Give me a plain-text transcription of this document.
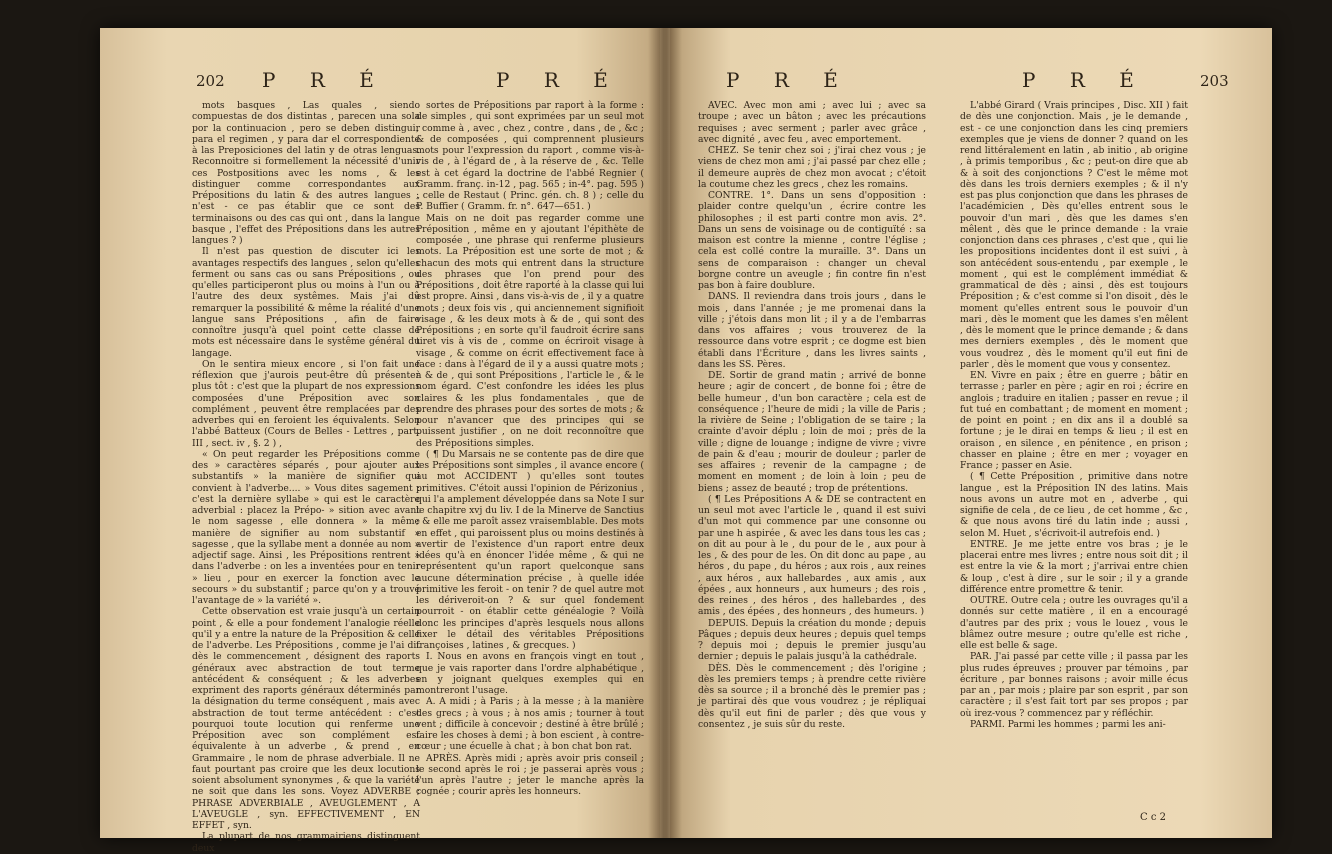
202 P R É	P R É

mots basques , Las quales , siendo compuestas de dos distintas , parecen una sola por la continuacion , pero se deben distinguir para el regimen , y para dar el correspondiente à las Preposiciones del latin y de otras lenguas. Reconnoitre si formellement la nécessité d'unir ces Postpositions avec les noms , & les distinguer comme correspondantes aux Prépositions du latin & des autres langues , n'est - ce pas établir que ce sont des terminaisons ou des cas qui ont , dans la langue basque , l'effet des Prépositions dans les autres langues ? )

Il n'est pas question de discuter ici les avantages respectifs des langues , selon qu'elles ferment ou sans cas ou sans Prépositions , ou qu'elles participeront plus ou moins à l'un ou à l'autre des deux systêmes. Mais j'ai dû remarquer la possibilité & même la réalité d'une langue sans Prépositions , afin de faire connoître jusqu'à quel point cette classe de mots est nécessaire dans le systême général du langage.

On le sentira mieux encore , si l'on fait une réflexion que j'aurois peut-être dû présenter plus tôt : c'est que la plupart de nos expressions composées d'une Préposition avec son complément , peuvent être remplacées par des adverbes qui en feroient les équivalents. Selon l'abbé Batteux (Cours de Belles - Lettres , part. III , sect. iv , §. 2 ) ,

« On peut regarder les Prépositions comme des » caractères séparés , pour ajouter aux substantifs » la manière de signifier qui convient à l'adverbe.... » Vous dites sagement : c'est la dernière syllabe » qui est le caractère adverbial : placez la Prépo- » sition avec avant le nom sagesse , elle donnera » la même manière de signifier au nom substantif » sagesse , que la syllabe ment a donnée au nom » adjectif sage. Ainsi , les Prépositions rentrent » dans l'adverbe : on les a inventées pour en tenir » lieu , pour en exercer la fonction avec le secours » du substantif ; parce qu'on y a trouvé l'avantage de » la variété ».

Cette observation est vraie jusqu'à un certain point , & elle a pour fondement l'analogie réelle qu'il y a entre la nature de la Préposition & celle de l'adverbe. Les Prépositions , comme je l'ai dit dès le commencement , désignent des raports généraux avec abstraction de tout terme antécédent & conséquent ; & les adverbes expriment des raports généraux déterminés par la désignation du terme conséquent , mais avec abstraction de tout terme antécédent : c'est pourquoi toute locution qui renferme une Préposition avec son complément est équivalente à un adverbe , & prend , en Grammaire , le nom de phrase adverbiale. Il ne faut pourtant pas croire que les deux locutions soient absolument synonymes , & que la variété ne soit que dans les sons. Voyez ADVERBE ; PHRASE ADVERBIALE , AVEUGLEMENT , A L'AVEUGLE , syn. EFFECTIVEMENT , EN EFFET , syn.

La plupart de nos grammairiens distinguent deux

sortes de Prépositions par raport à la forme : de simples , qui sont exprimées par un seul mot , comme à , avec , chez , contre , dans , de , &c ; & de composées , qui comprennent plusieurs mots pour l'expression du raport , comme vis-à-vis de , à l'égard de , à la réserve de , &c. Telle est à cet égard la doctrine de l'abbé Regnier ( Gramm. franç. in-12 , pag. 565 ; in-4°. pag. 595 ) ; celle de Restaut ( Princ. gén. ch. 8 ) ; celle du P. Buffier ( Gramm. fr. n°. 647—651. )

Mais on ne doit pas regarder comme une Préposition , même en y ajoutant l'épithète de composée , une phrase qui renferme plusieurs mots. La Préposition est une sorte de mot ; & chacun des mots qui entrent dans la structure des phrases que l'on prend pour des Prépositions , doit être raporté à la classe qui lui est propre. Ainsi , dans vis-à-vis de , il y a quatre mots ; deux fois vis , qui anciennement signifioit visage , & les deux mots à & de , qui sont des Prépositions ; en sorte qu'il faudroit écrire sans tiret vis à vis de , comme on écriroit visage à visage , & comme on écrit effectivement face à face : dans à l'égard de il y a aussi quatre mots ; à & de , qui sont Prépositions , l'article le , & le nom égard. C'est confondre les idées les plus claires & les plus fondamentales , que de prendre des phrases pour des sortes de mots ; & pour n'avancer que des principes qui se puissent justifier , on ne doit reconnoître que des Prépositions simples.

( ¶ Du Marsais ne se contente pas de dire que les Prépositions sont simples , il avance encore ( au mot ACCIDENT ) qu'elles sont toutes primitives. C'étoit aussi l'opinion de Périzonius , qui l'a amplement développée dans sa Note I sur le chapitre xvj du liv. I de la Minerve de Sanctius ; & elle me paroît assez vraisemblable. Des mots en effet , qui paroissent plus ou moins destinés à avertir de l'existence d'un raport entre deux idées qu'à en énoncer l'idée même , & qui ne représentent qu'un raport quelconque sans aucune détermination précise , à quelle idée primitive les feroit - on tenir ? de quel autre mot les dériveroit-on ? & sur quel fondement pourroit - on établir cette généalogie ? Voilà donc les principes d'après lesquels nous allons fixer le détail des véritables Prépositions françoises , latines , & grecques. )

I. Nous en avons en françois vingt en tout , que je vais raporter dans l'ordre alphabétique , en y joignant quelques exemples qui en montreront l'usage.

A. A midi ; à Paris ; à la messe ; à la manière des grecs ; à vous ; à nos amis ; tourner à tout vent ; difficile à concevoir ; destiné à être brûlé ; faire les choses à demi ; à bon escient , à contre-cœur ; une écuelle à chat ; à bon chat bon rat.

APRÈS. Après midi ; après avoir pris conseil ; le second après le roi ; je passerai après vous ; l'un après l'autre ; jeter le manche après la cognée ; courir après les honneurs.

P R É	P R É	203

AVEC. Avec mon ami ; avec lui ; avec sa troupe ; avec un bâton ; avec les précautions requises ; avec serment ; parler avec grâce , avec dignité , avec feu , avec emportement.

CHEZ. Se tenir chez soi ; j'irai chez vous ; je viens de chez mon ami ; j'ai passé par chez elle ; il demeure auprès de chez mon avocat ; c'étoit la coutume chez les grecs , chez les romains.

CONTRE. 1°. Dans un sens d'opposition : plaider contre quelqu'un , écrire contre les philosophes ; il est parti contre mon avis. 2°. Dans un sens de voisinage ou de contiguïté : sa maison est contre la mienne , contre l'église ; cela est collé contre la muraille. 3°. Dans un sens de comparaison : changer un cheval borgne contre un aveugle ; fin contre fin n'est pas bon à faire doublure.

DANS. Il reviendra dans trois jours , dans le mois , dans l'année ; je me promenai dans la ville ; j'étois dans mon lit ; il y a de l'embarras dans vos affaires ; vous trouverez de la ressource dans votre esprit ; ce dogme est bien établi dans l'Écriture , dans les livres saints , dans les SS. Pères.

DE. Sortir de grand matin ; arrivé de bonne heure ; agir de concert , de bonne foi ; être de belle humeur , d'un bon caractère ; cela est de conséquence ; l'heure de midi ; la ville de Paris ; la rivière de Seine ; l'obligation de se taire ; la crainte d'avoir déplu ; loin de moi ; près de la ville ; digne de louange ; indigne de vivre ; vivre de pain & d'eau ; mourir de douleur ; parler de ses affaires ; revenir de la campagne ; de moment en moment ; de loin à loin ; peu de biens ; assez de beauté ; trop de prétentions.

( ¶ Les Prépositions A & DE se contractent en un seul mot avec l'article le , quand il est suivi d'un mot qui commence par une consonne ou par une h aspirée , & avec les dans tous les cas ; on dit au pour à le , du pour de le , aux pour à les , & des pour de les. On dit donc au pape , au héros , du pape , du héros ; aux rois , aux reines , aux héros , aux hallebardes , aux amis , aux épées , aux honneurs , aux humeurs ; des rois , des reines , des héros , des hallebardes , des amis , des épées , des honneurs , des humeurs. )

DEPUIS. Depuis la création du monde ; depuis Pâques ; depuis deux heures ; depuis quel temps ? depuis moi ; depuis le premier jusqu'au dernier ; depuis le palais jusqu'à la cathédrale.

DÈS. Dès le commencement ; dès l'origine ; dès les premiers temps ; à prendre cette rivière dès sa source ; il a bronché dès le premier pas ; je partirai dès que vous voudrez ; je répliquai dès qu'il eut fini de parler ; dès que vous y consentez , je suis sûr du reste.

L'abbé Girard ( Vrais principes , Disc. XII ) fait de dès une conjonction. Mais , je le demande , est - ce une conjonction dans les cinq premiers exemples que je viens de donner ? quand on les rend littéralement en latin , ab initio , ab origine , à primis temporibus , &c ; peut-on dire que ab & à soit des conjonctions ? C'est le même mot dès dans les trois derniers exemples ; & il n'y est pas plus conjonction que dans les phrases de l'académicien , Dès qu'elles entrent sous le pouvoir d'un mari , dès que les dames s'en mêlent , dès que le prince demande : la vraie conjonction dans ces phrases , c'est que , qui lie les propositions incidentes dont il est suivi , à son antécédent sous-entendu , par exemple , le moment , qui est le complément immédiat & grammatical de dès ; ainsi , dès est toujours Préposition ; & c'est comme si l'on disoit , dès le moment qu'elles entrent sous le pouvoir d'un mari , dès le moment que les dames s'en mêlent , dès le moment que le prince demande ; & dans mes derniers exemples , dès le moment que vous voudrez , dès le moment qu'il eut fini de parler , dès le moment que vous y consentez.

EN. Vivre en paix ; être en guerre ; bâtir en terrasse ; parler en père ; agir en roi ; écrire en anglois ; traduire en italien ; passer en revue ; il fut tué en combattant ; de moment en moment ; de point en point ; en dix ans il a doublé sa fortune ; je le dirai en temps & lieu ; il est en oraison , en silence , en pénitence , en prison ; chasser en plaine ; être en mer ; voyager en France ; passer en Asie.

( ¶ Cette Préposition , primitive dans notre langue , est la Préposition IN des latins. Mais nous avons un autre mot en , adverbe , qui signifie de cela , de ce lieu , de cet homme , &c , & que nous avons tiré du latin inde ; aussi , selon M. Huet , s'écrivoit-il autrefois end. )

ENTRE. Je me jette entre vos bras ; je le placerai entre mes livres ; entre nous soit dit ; il est entre la vie & la mort ; j'arrivai entre chien & loup , c'est à dire , sur le soir ; il y a grande différence entre promettre & tenir.

OUTRE. Outre cela ; outre les ouvrages qu'il a donnés sur cette matière , il en a encouragé d'autres par des prix ; vous le louez , vous le blâmez outre mesure ; outre qu'elle est riche , elle est belle & sage.

PAR. J'ai passé par cette ville ; il passa par les plus rudes épreuves ; prouver par témoins , par écriture , par bonnes raisons ; avoir mille écus par an , par mois ; plaire par son esprit , par son caractère ; il s'est fait tort par ses propos ; par où irez-vous ? commencez par y réfléchir.

PARMI. Parmi les hommes ; parmi les ani-

C c 2
